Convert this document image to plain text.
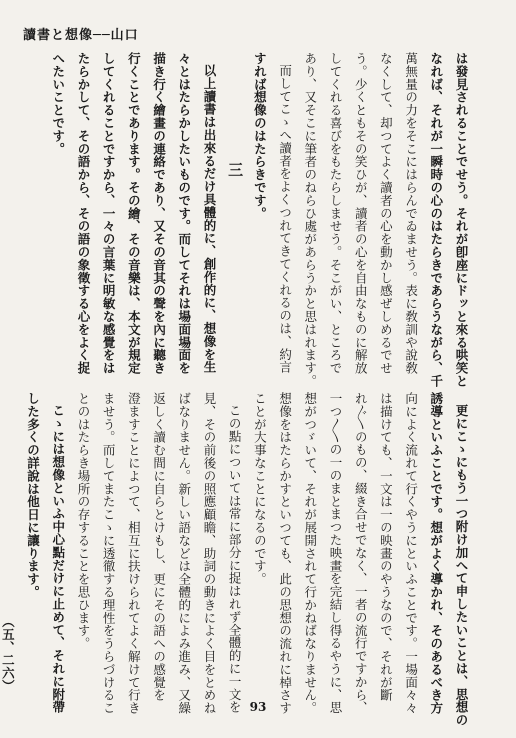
讀書と想像──山口
は發見されることでせう。それが卽座にドッと來る哄笑と
なれば、それが一瞬時の心のはたらきであらうながら、千
萬無量の力をそこにはらんでゐませう。表に敎訓や說敎
なくして、却つてよく讀者の心を動かし感ぜしめるでせ
う。少くともその笑ひが、讀者の心を自由なものに解放
してくれる喜びをもたらしませう。そこがい、ところで
あり、又そこに筆者のねらひ處があらうかと思はれます。
而してこゝへ讀者をよくつれてきてくれるのは、約言
すれば想像のはたらきです。
三
以上讀書は出來るだけ具體的に、創作的に、想像を生
々とはたらかしたいものです。而してそれは場面場面を
描き行く繪畫の連絡であり、又その音其の聲を內に聽き
行くことであります。その繪、その音樂は、本文が規定
してくれることですから、一々の言葉に明敏な感覺をは
たらかして、その語から、その語の象徵する心をよく捉
へたいことです。
更にこゝにもう一つ附け加へて申したいことは、思想の
誘導といふことです。想がよく導かれ、そのあるべき方
向によく流れて行くやうにといふことです。一場面々々
は描けても、一文は一の映畫のやうなので、それが斷
れ〴〵のもの、綴き合せでなく、一者の流行ですから、
一つ〳〵の一のまとまつた映畫を完結し得るやうに、思
想がつゞいて、それが展開されて行かねばなりません。
想像をはたらかすといつても、此の思想の流れに棹さす
ことが大事なことになるのです。
この點については常に部分に捉はれず全體的に一文を
見、その前後の照應顧瞻、助詞の動きによく目をとめね
ばなりません。新しい語などは全體的によみ進み、又繰
返しく讀む間に自らとけもし、更にその語への感覺を
澄ますことによつて、相互に扶けられてよく解けて行き
ませう。而してまたこゝに透徹する理性をうらづけるこ
とのはたらき場所の存することを思ひます。
こゝには想像といふ中心點だけに止めて、それに附帶
した多くの詳說は他日に讓ります。
（五、二六）
93
